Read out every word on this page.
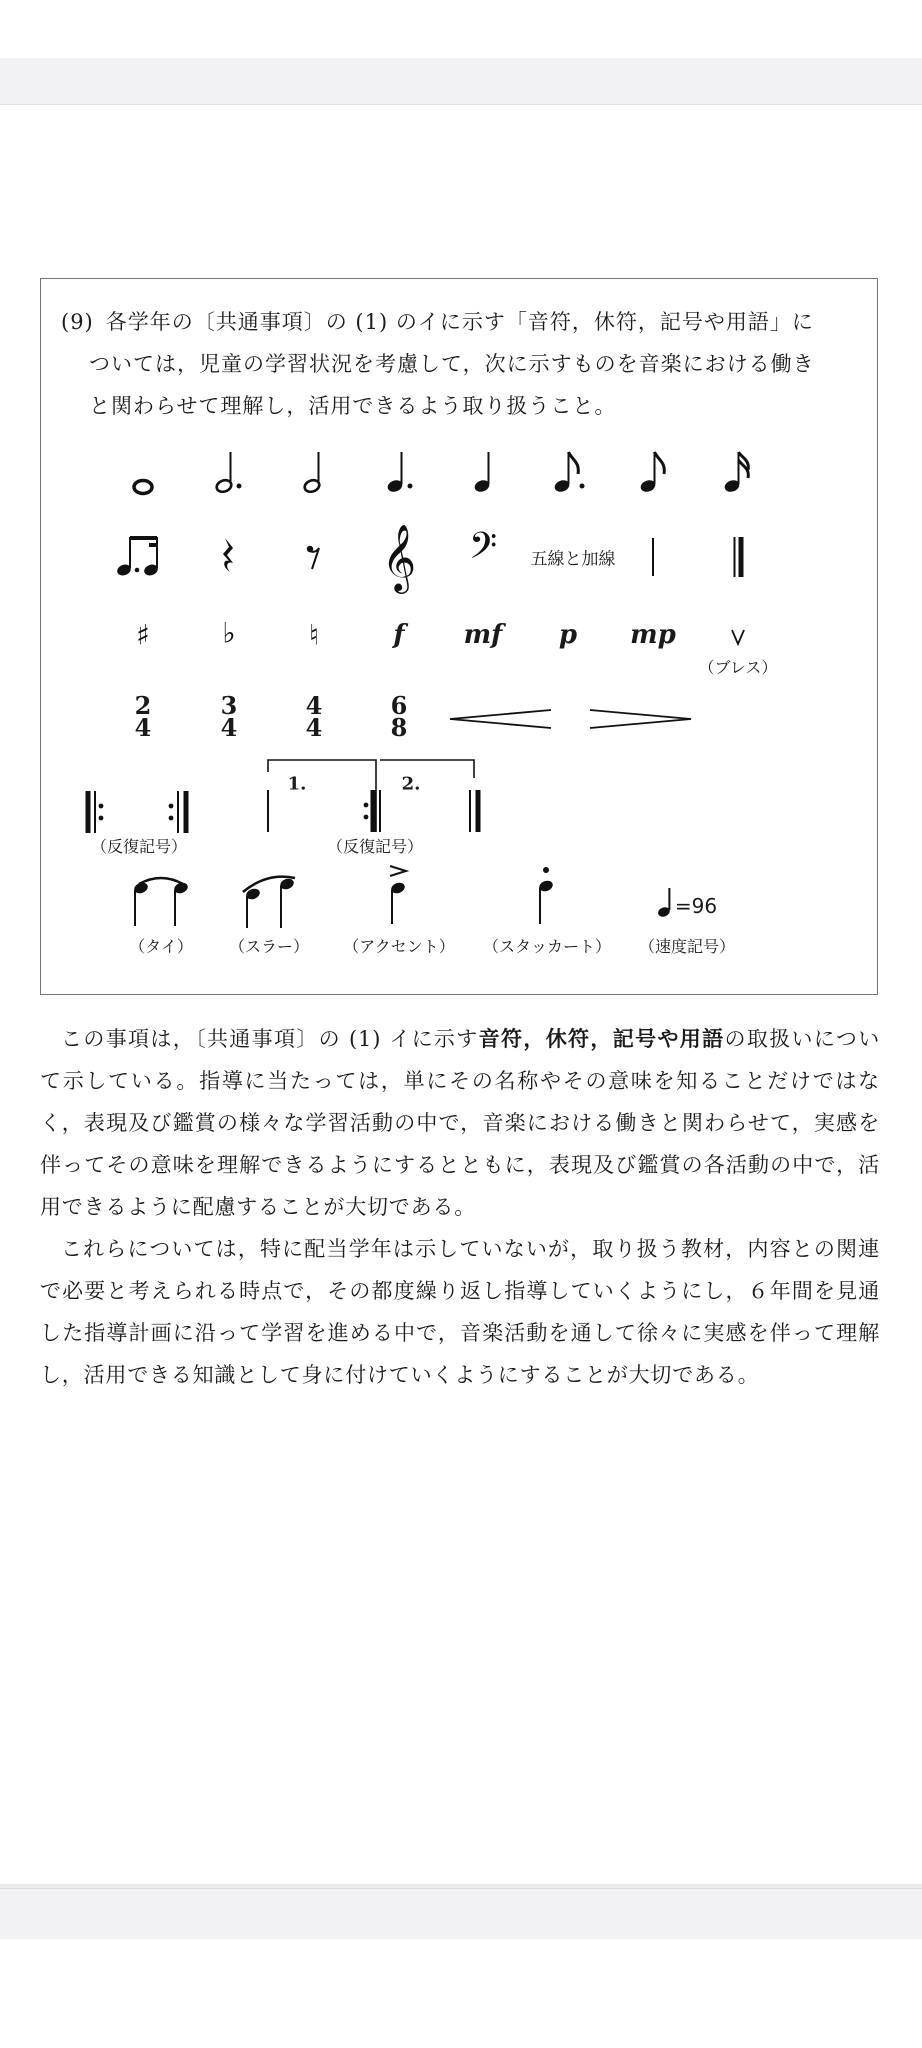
(9) 各学年の〔共通事項〕の (1) のイに示す「音符，休符，記号や用語」に
ついては，児童の学習状況を考慮して，次に示すものを音楽における働き
と関わらせて理解し，活用できるよう取り扱うこと。
𝄞 𝄢 五線と加線
♯	♭	♮	f mf p mp
（ブレス）
2
4
3
4
4
4
6
8
（反復記号）
1.	2.
（反復記号）
（タイ） （スラー） （アクセント） （スタッカート）
=96
（速度記号）

この事項は，〔共通事項〕の (1) イに示す音符，休符，記号や用語の取扱いについて示している。指導に当たっては，単にその名称やその意味を知ることだけではなく，表現及び鑑賞の様々な学習活動の中で，音楽における働きと関わらせて，実感を伴ってその意味を理解できるようにするとともに，表現及び鑑賞の各活動の中で，活用できるように配慮することが大切である。

これらについては，特に配当学年は示していないが，取り扱う教材，内容との関連で必要と考えられる時点で，その都度繰り返し指導していくようにし，６年間を見通した指導計画に沿って学習を進める中で，音楽活動を通して徐々に実感を伴って理解し，活用できる知識として身に付けていくようにすることが大切である。
